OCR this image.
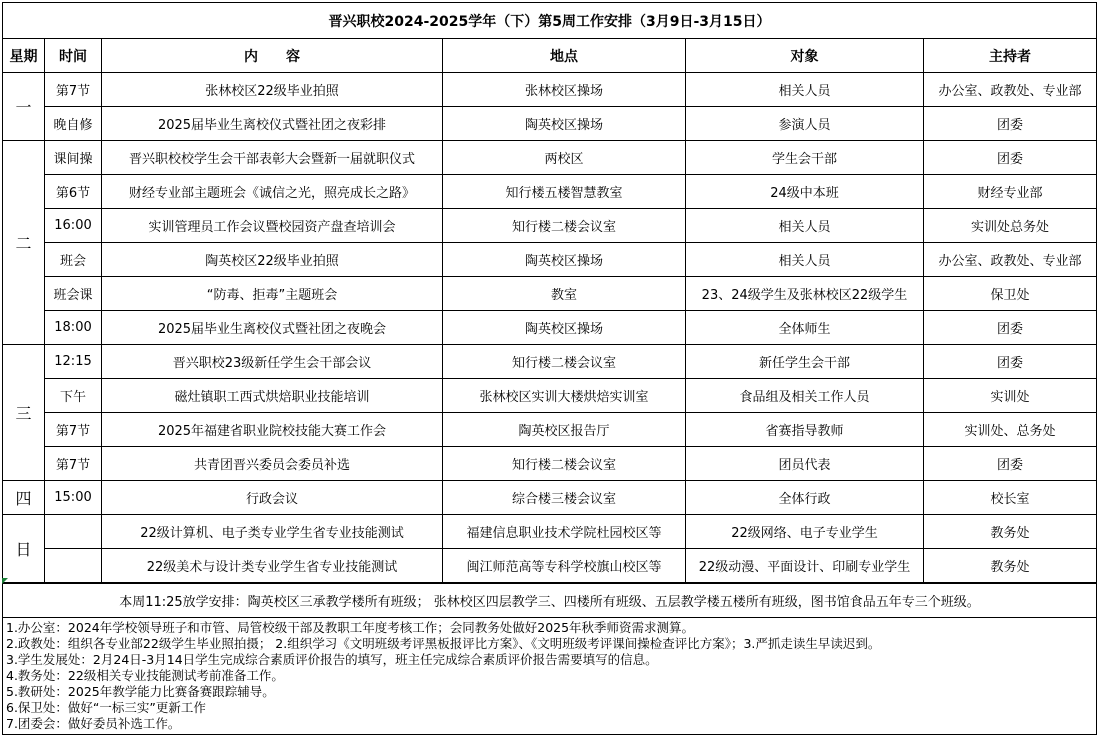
晋兴职校2024-2025学年（下）第5周工作安排（3月9日-3月15日）					
星期	时间	内　　容	地点	对象	主持者
一	第7节	张林校区22级毕业拍照	张林校区操场	相关人员	办公室、政教处、专业部
	晚自修	2025届毕业生离校仪式暨社团之夜彩排	陶英校区操场	参演人员	团委
二	课间操	晋兴职校校学生会干部表彰大会暨新一届就职仪式	两校区	学生会干部	团委
	第6节	财经专业部主题班会《诚信之光，照亮成长之路》	知行楼五楼智慧教室	24级中本班	财经专业部
	16:00	实训管理员工作会议暨校园资产盘查培训会	知行楼二楼会议室	相关人员	实训处总务处
	班会	陶英校区22级毕业拍照	陶英校区操场	相关人员	办公室、政教处、专业部
	班会课	“防毒、拒毒”主题班会	教室	23、24级学生及张林校区22级学生	保卫处
	18:00	2025届毕业生离校仪式暨社团之夜晚会	陶英校区操场	全体师生	团委
三	12:15	晋兴职校23级新任学生会干部会议	知行楼二楼会议室	新任学生会干部	团委
	下午	磁灶镇职工西式烘焙职业技能培训	张林校区实训大楼烘焙实训室	食品组及相关工作人员	实训处
	第7节	2025年福建省职业院校技能大赛工作会	陶英校区报告厅	省赛指导教师	实训处、总务处
	第7节	共青团晋兴委员会委员补选	知行楼二楼会议室	团员代表	团委
四	15:00	行政会议	综合楼三楼会议室	全体行政	校长室
日		22级计算机、电子类专业学生省专业技能测试	福建信息职业技术学院杜园校区等	22级网络、电子专业学生	教务处
		22级美术与设计类专业学生省专业技能测试	闽江师范高等专科学校旗山校区等	22级动漫、平面设计、印刷专业学生	教务处
本周11:25放学安排：陶英校区三承教学楼所有班级； 张林校区四层教学三、四楼所有班级、五层教学楼五楼所有班级，图书馆食品五年专三个班级。

1.办公室：2024年学校领导班子和市管、局管校级干部及教职工年度考核工作；会同教务处做好2025年秋季师资需求测算。
2.政教处：组织各专业部22级学生毕业照拍摄； 2.组织学习《文明班级考评黑板报评比方案》、《文明班级考评课间操检查评比方案》；3.严抓走读生早读迟到。
3.学生发展处：2月24日-3月14日学生完成综合素质评价报告的填写，班主任完成综合素质评价报告需要填写的信息。
4.教务处：22级相关专业技能测试考前准备工作。
5.教研处：2025年教学能力比赛备赛跟踪辅导。
6.保卫处：做好“一标三实”更新工作
7.团委会：做好委员补选工作。
